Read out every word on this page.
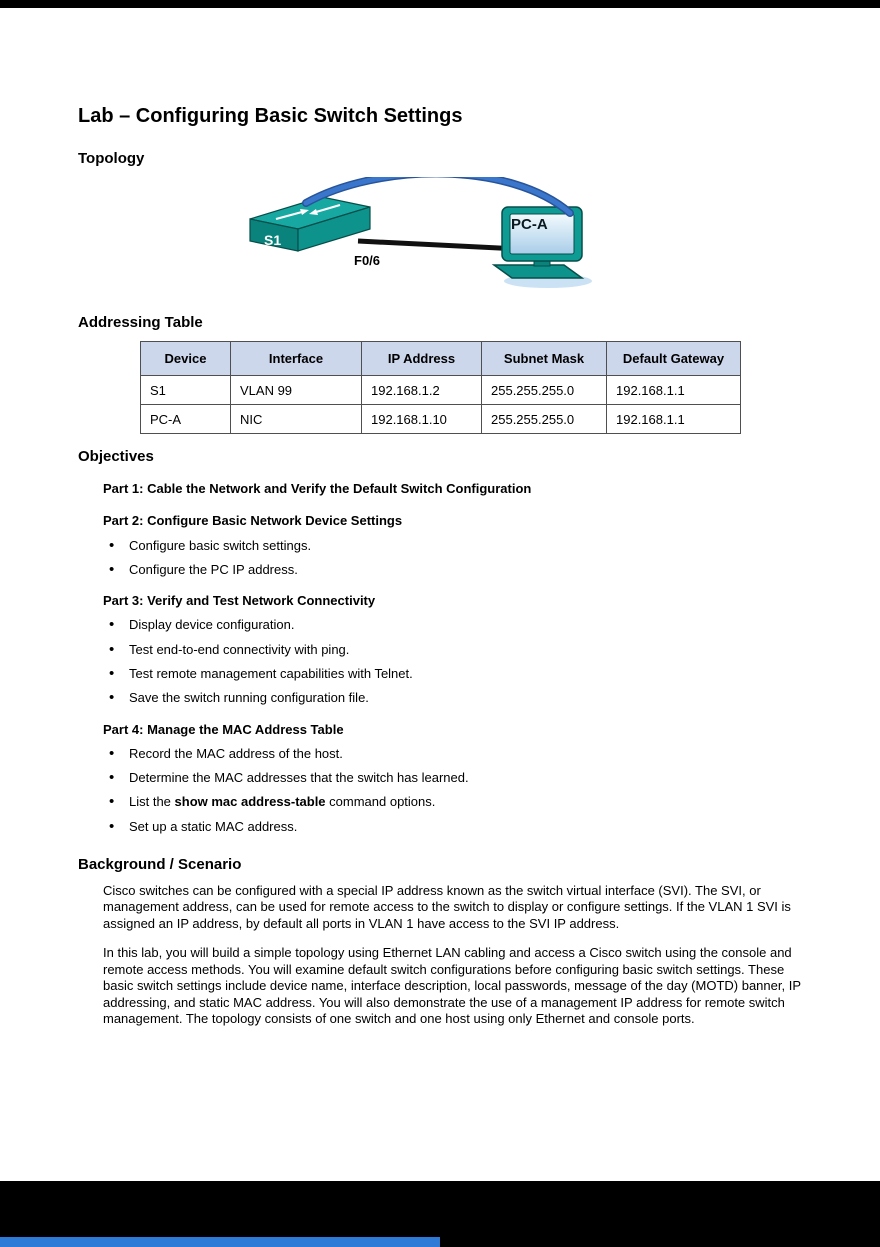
Lab – Configuring Basic Switch Settings
Topology
S1
PC-A
F0/6
Addressing Table
Device	Interface	IP Address	Subnet Mask	Default Gateway
S1	VLAN 99	192.168.1.2	255.255.255.0	192.168.1.1
PC-A	NIC	192.168.1.10	255.255.255.0	192.168.1.1
Objectives

Part 1: Cable the Network and Verify the Default Switch Configuration

Part 2: Configure Basic Network Device Settings

• Configure basic switch settings.
• Configure the PC IP address.

Part 3: Verify and Test Network Connectivity

• Display device configuration.
• Test end-to-end connectivity with ping.
• Test remote management capabilities with Telnet.
• Save the switch running configuration file.

Part 4: Manage the MAC Address Table

• Record the MAC address of the host.
• Determine the MAC addresses that the switch has learned.
• List the show mac address-table command options.
• Set up a static MAC address.
Background / Scenario

Cisco switches can be configured with a special IP address known as the switch virtual interface (SVI). The SVI, or management address, can be used for remote access to the switch to display or configure settings. If the VLAN 1 SVI is assigned an IP address, by default all ports in VLAN 1 have access to the SVI IP address.

In this lab, you will build a simple topology using Ethernet LAN cabling and access a Cisco switch using the console and remote access methods. You will examine default switch configurations before configuring basic switch settings. These basic switch settings include device name, interface description, local passwords, message of the day (MOTD) banner, IP addressing, and static MAC address. You will also demonstrate the use of a management IP address for remote switch management. The topology consists of one switch and one host using only Ethernet and console ports.
